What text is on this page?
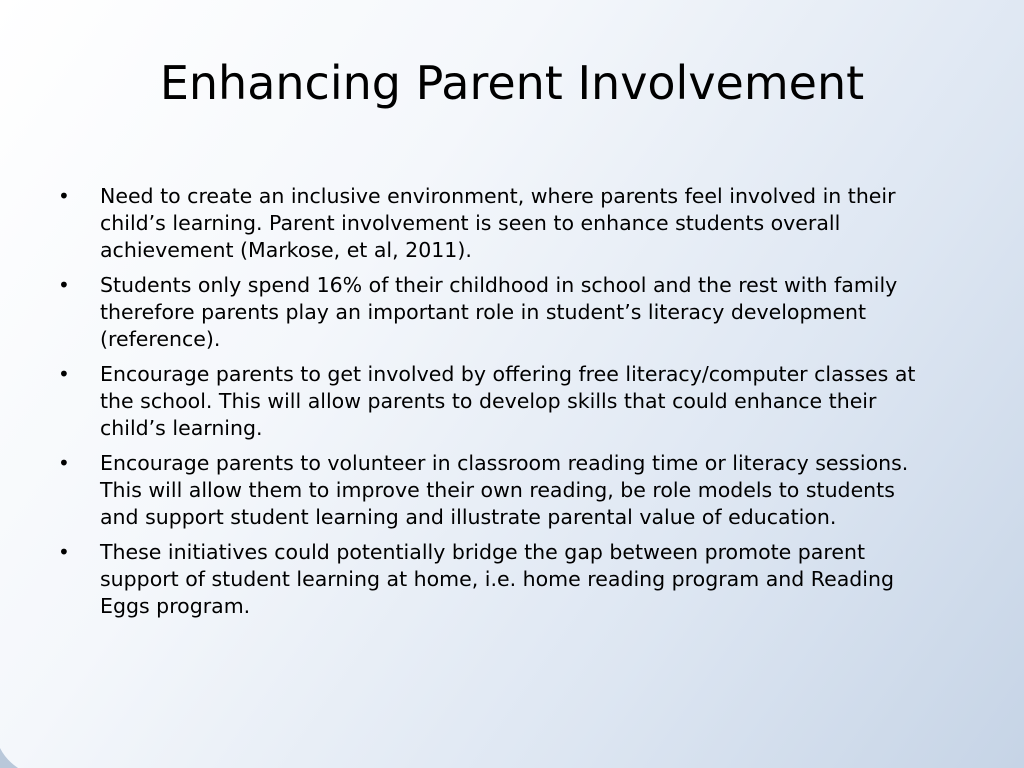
Enhancing Parent Involvement
•	Need to create an inclusive environment, where parents feel involved in their child’s learning. Parent involvement is seen to enhance students overall achievement (Markose, et al, 2011).
•	Students only spend 16% of their childhood in school and the rest with family therefore parents play an important role in student’s literacy development (reference).
•	Encourage parents to get involved by offering free literacy/computer classes at the school. This will allow parents to develop skills that could enhance their child’s learning.
•	Encourage parents to volunteer in classroom reading time or literacy sessions. This will allow them to improve their own reading, be role models to students and support student learning and illustrate parental value of education.
•	These initiatives could potentially bridge the gap between promote parent support of student learning at home, i.e. home reading program and Reading Eggs program.
